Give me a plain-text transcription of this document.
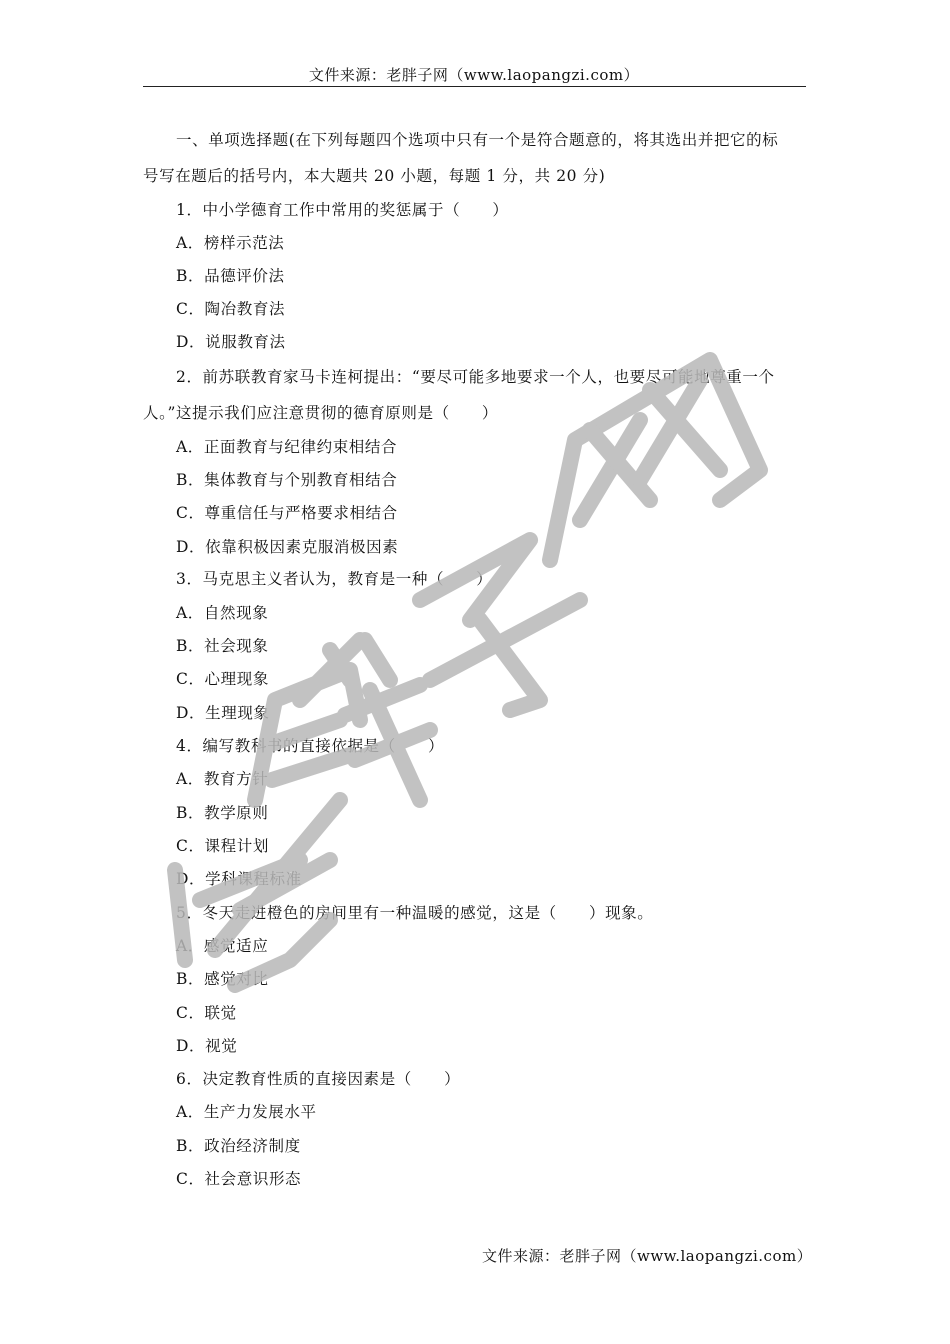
文件来源：老胖子网（www.laopangzi.com）
一、单项选择题(在下列每题四个选项中只有一个是符合题意的，将其选出并把它的标
号写在题后的括号内，本大题共 20 小题，每题 1 分，共 20 分)
1．中小学德育工作中常用的奖惩属于（　　）
A．榜样示范法
B．品德评价法
C．陶冶教育法
D．说服教育法
2．前苏联教育家马卡连柯提出：“要尽可能多地要求一个人，也要尽可能地尊重一个
人。”这提示我们应注意贯彻的德育原则是（　　）
A．正面教育与纪律约束相结合
B．集体教育与个别教育相结合
C．尊重信任与严格要求相结合
D．依靠积极因素克服消极因素
3．马克思主义者认为，教育是一种（　　）
A．自然现象
B．社会现象
C．心理现象
D．生理现象
4．编写教科书的直接依据是（　　）
A．教育方针
B．教学原则
C．课程计划
D．学科课程标准
5．冬天走进橙色的房间里有一种温暖的感觉，这是（　　）现象。
A．感觉适应
B．感觉对比
C．联觉
D．视觉
6．决定教育性质的直接因素是（　　）
A．生产力发展水平
B．政治经济制度
C．社会意识形态
文件来源：老胖子网（www.laopangzi.com）
